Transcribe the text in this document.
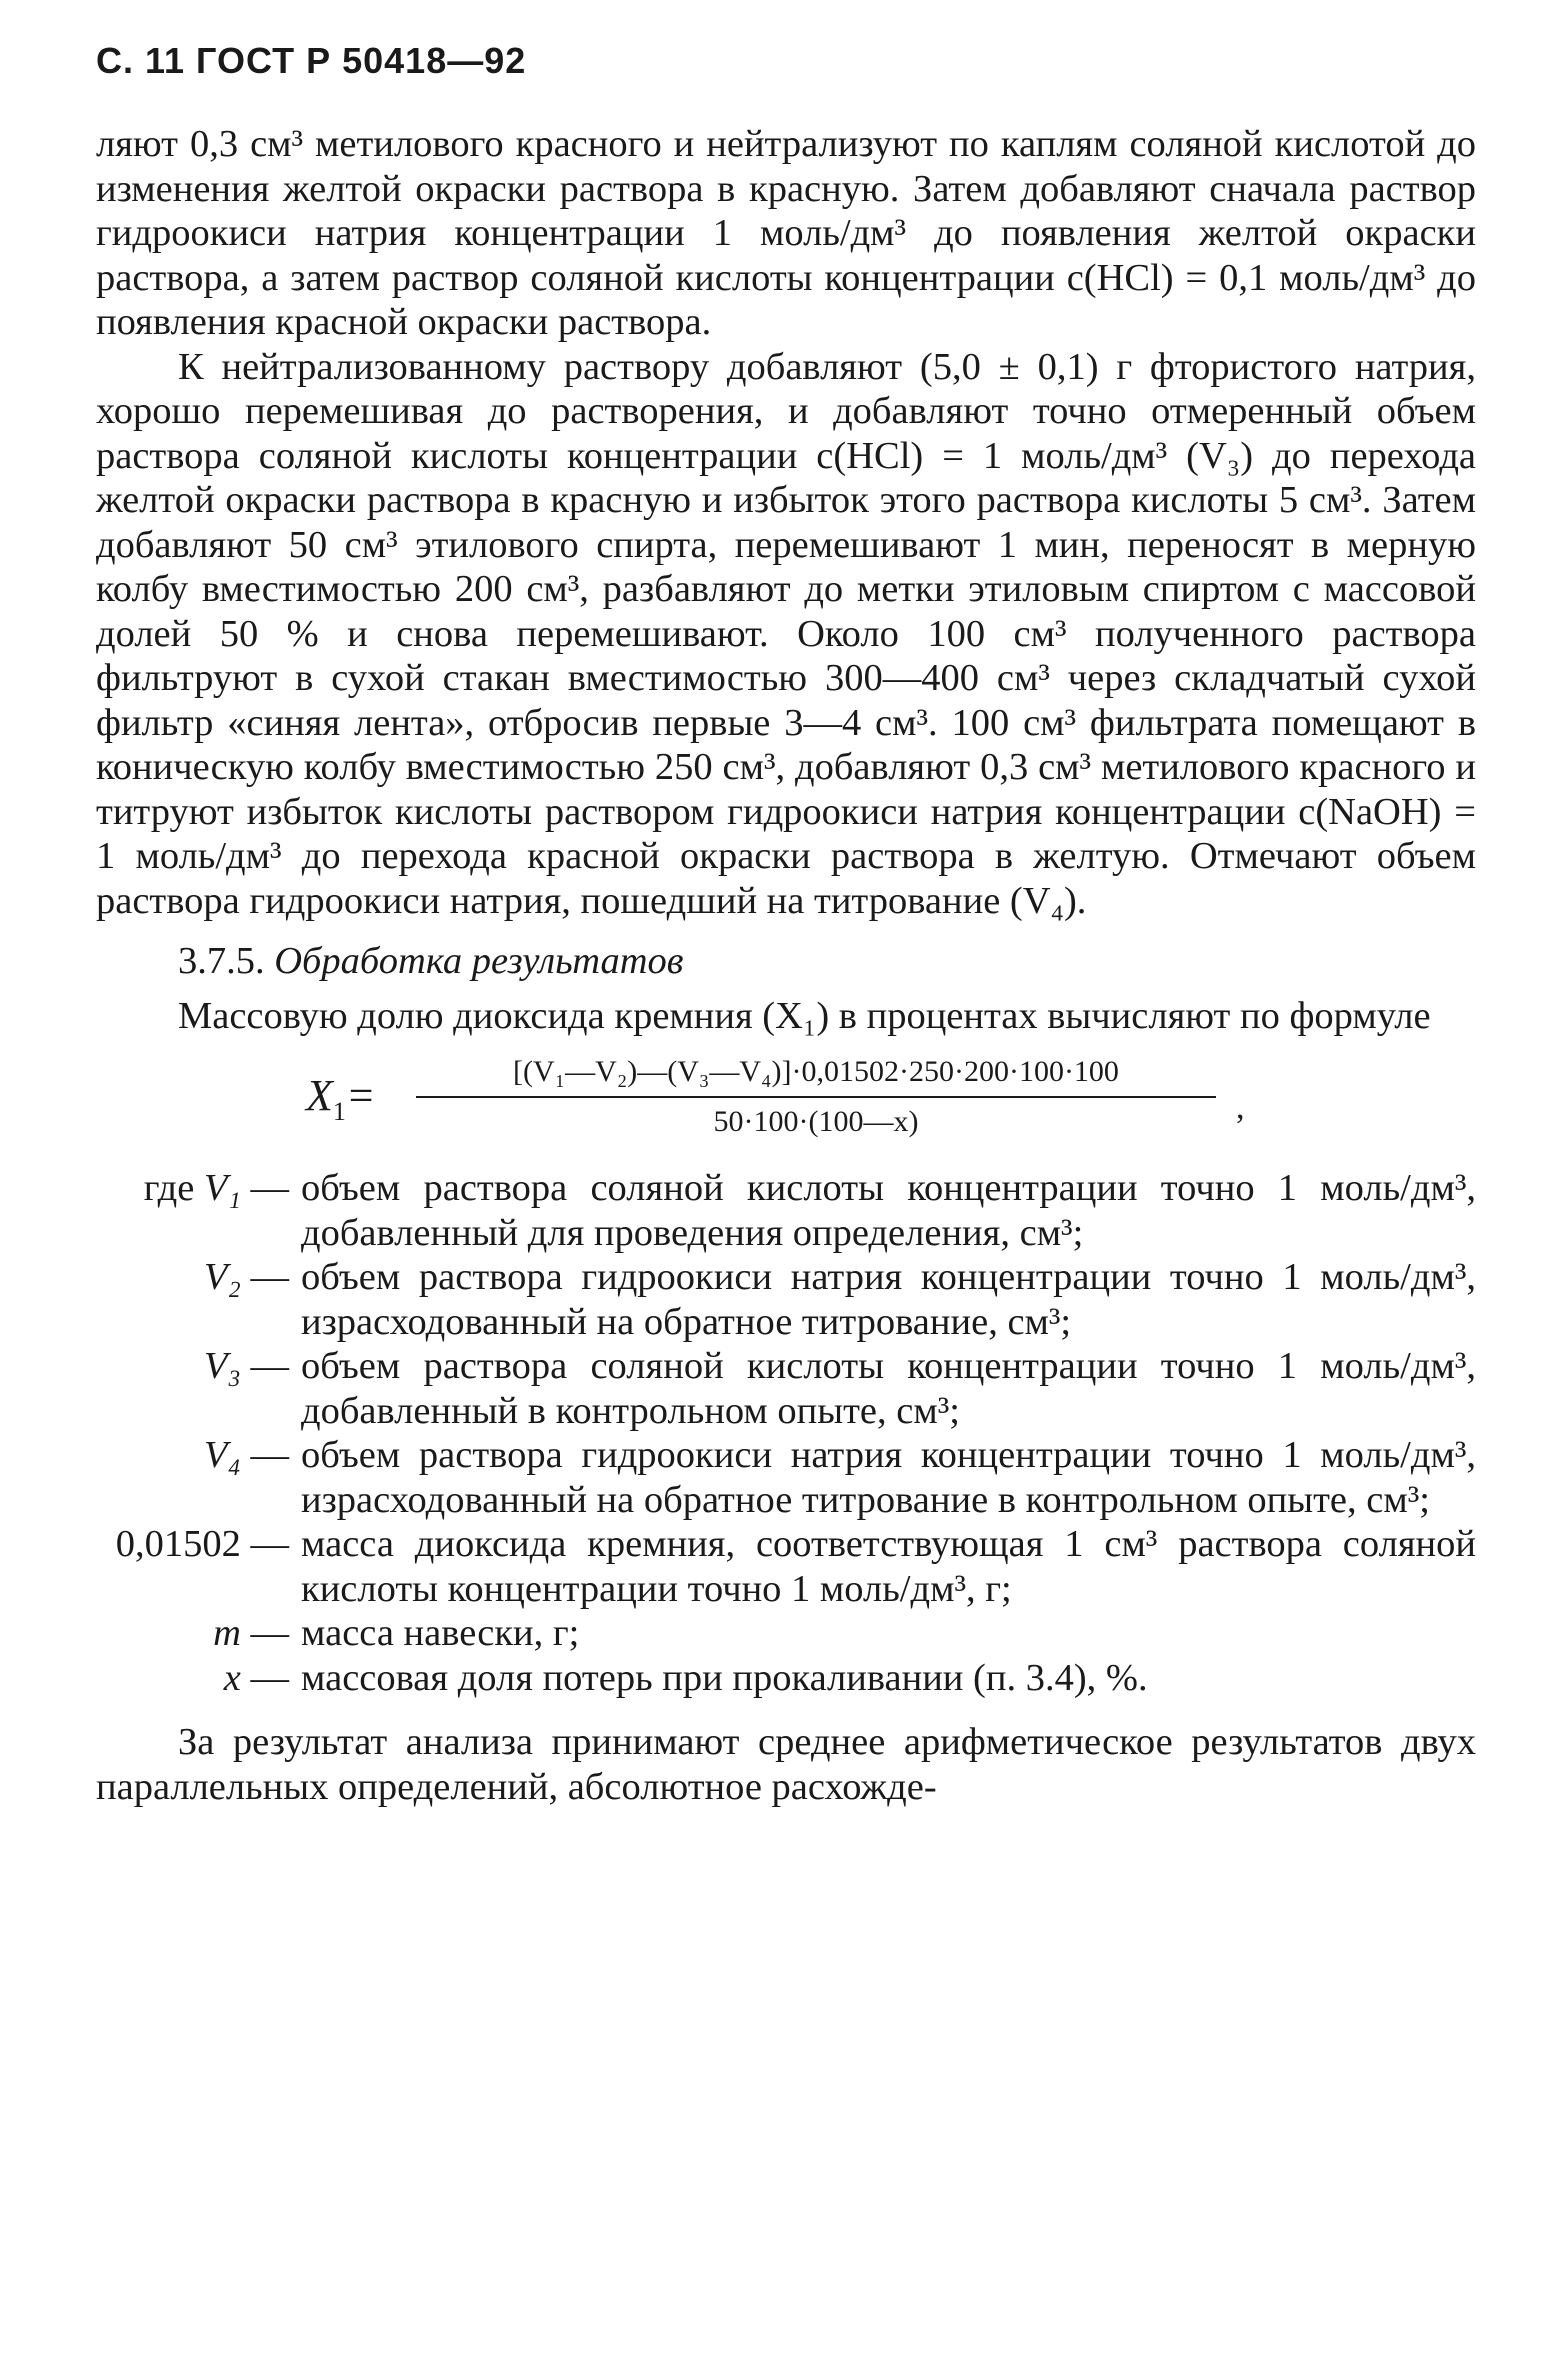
С. 11 ГОСТ Р 50418—92

ляют 0,3 см³ метилового красного и нейтрализуют по каплям соляной кислотой до изменения желтой окраски раствора в красную. Затем добавляют сначала раствор гидроокиси натрия концентрации 1 моль/дм³ до появления желтой окраски раствора, а затем раствор соляной кислоты концентрации c(HCl) = 0,1 моль/дм³ до появления красной окраски раствора.

К нейтрализованному раствору добавляют (5,0 ± 0,1) г фтористого натрия, хорошо перемешивая до растворения, и добавляют точно отмеренный объем раствора соляной кислоты концентрации c(HCl) = 1 моль/дм³ (V₃) до перехода желтой окраски раствора в красную и избыток этого раствора кислоты 5 см³. Затем добавляют 50 см³ этилового спирта, перемешивают 1 мин, переносят в мерную колбу вместимостью 200 см³, разбавляют до метки этиловым спиртом с массовой долей 50 % и снова перемешивают. Около 100 см³ полученного раствора фильтруют в сухой стакан вместимостью 300—400 см³ через складчатый сухой фильтр «синяя лента», отбросив первые 3—4 см³. 100 см³ фильтрата помещают в коническую колбу вместимостью 250 см³, добавляют 0,3 см³ метилового красного и титруют избыток кислоты раствором гидроокиси натрия концентрации c(NaOH) = 1 моль/дм³ до перехода красной окраски раствора в желтую. Отмечают объем раствора гидроокиси натрия, пошедший на титрование (V₄).

3.7.5. Обработка результатов

Массовую долю диоксида кремния (X₁) в процентах вычисляют по формуле

$X_1=$	[(V₁—V₂)—(V₃—V₄)]·0,01502·250·200·100·100
50·100·(100—x)	,
где V₁ — объем раствора соляной кислоты концентрации точно 1 моль/дм³, добавленный для проведения определения, см³;
V₂ — объем раствора гидроокиси натрия концентрации точно 1 моль/дм³, израсходованный на обратное титрование, см³;
V₃ — объем раствора соляной кислоты концентрации точно 1 моль/дм³, добавленный в контрольном опыте, см³;
V₄ — объем раствора гидроокиси натрия концентрации точно 1 моль/дм³, израсходованный на обратное титрование в контрольном опыте, см³;
0,01502 — масса диоксида кремния, соответствующая 1 см³ раствора соляной кислоты концентрации точно 1 моль/дм³, г;
m — масса навески, г;
x — массовая доля потерь при прокаливании (п. 3.4), %.

За результат анализа принимают среднее арифметическое результатов двух параллельных определений, абсолютное расхожде-
